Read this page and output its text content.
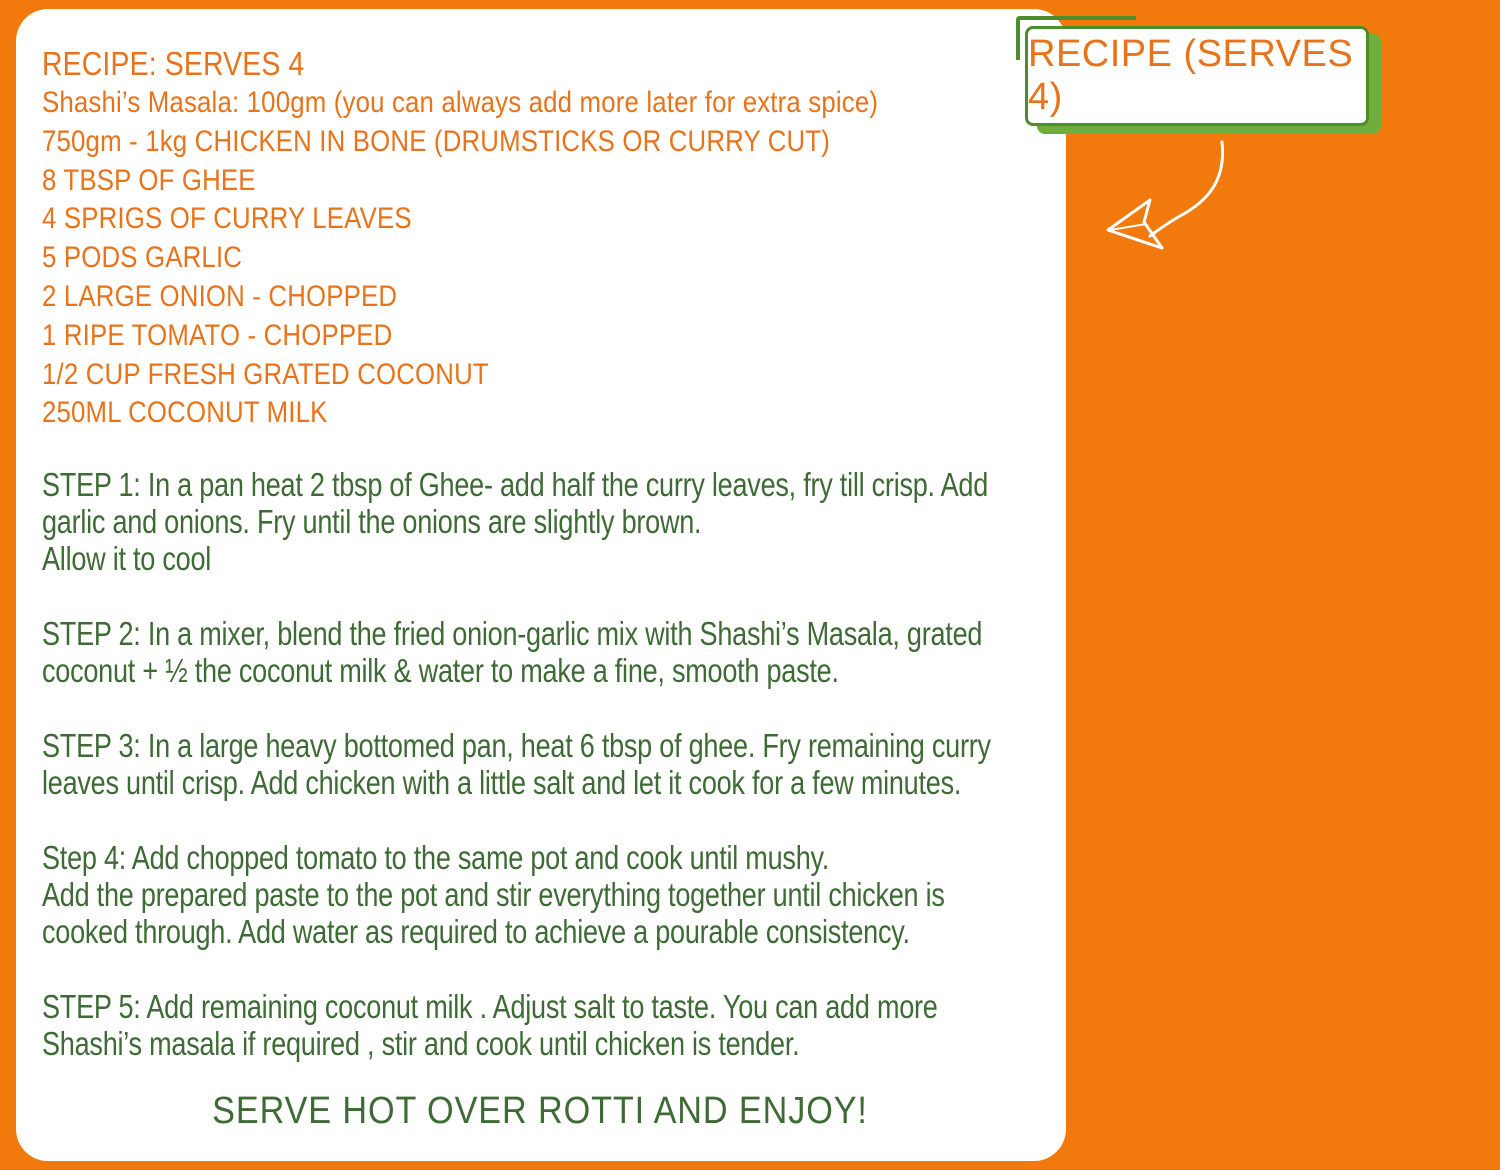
RECIPE: SERVES 4
Shashi’s Masala: 100gm (you can always add more later for extra spice)
750gm - 1kg CHICKEN IN BONE (DRUMSTICKS OR CURRY CUT)
8 TBSP OF GHEE
4 SPRIGS OF CURRY LEAVES
5 PODS GARLIC
2 LARGE ONION - CHOPPED
1 RIPE TOMATO - CHOPPED
1/2 CUP FRESH GRATED COCONUT
250ML COCONUT MILK

STEP 1: In a pan heat 2 tbsp of Ghee- add half the curry leaves, fry till crisp. Add garlic and onions. Fry until the onions are slightly brown.

Allow it to cool

STEP 2: In a mixer, blend the fried onion-garlic mix with Shashi’s Masala, grated coconut + ½ the coconut milk & water to make a fine, smooth paste.

STEP 3: In a large heavy bottomed pan, heat 6 tbsp of ghee. Fry remaining curry leaves until crisp. Add chicken with a little salt and let it cook for a few minutes.

Step 4: Add chopped tomato to the same pot and cook until mushy.

Add the prepared paste to the pot and stir everything together until chicken is cooked through. Add water as required to achieve a pourable consistency.

STEP 5: Add remaining coconut milk . Adjust salt to taste. You can add more Shashi’s masala if required , stir and cook until chicken is tender.

SERVE HOT OVER ROTTI AND ENJOY!
RECIPE (SERVES 4)
